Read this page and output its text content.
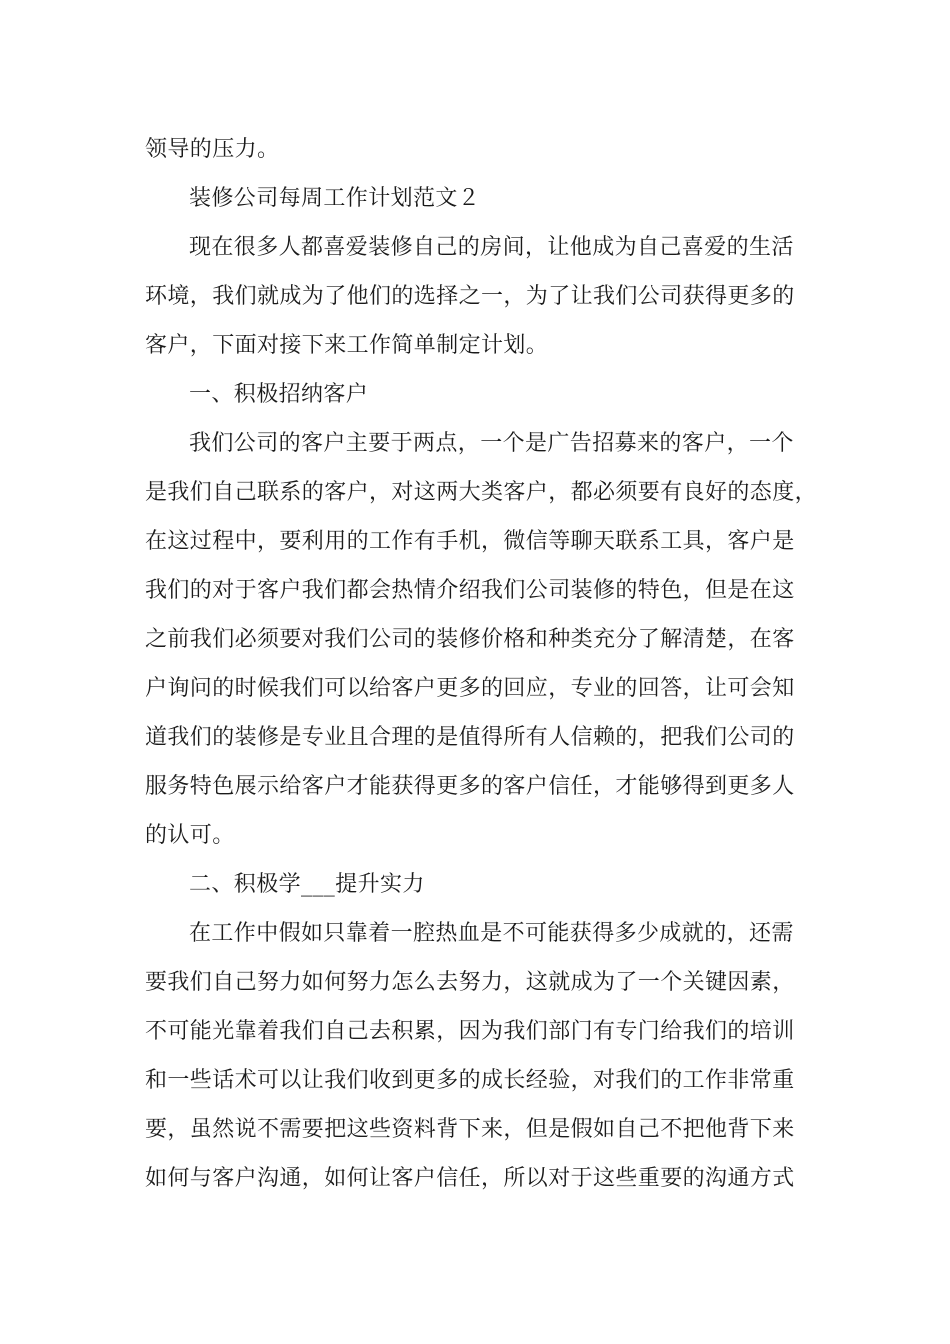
领导的压力。
装修公司每周工作计划范文２
现在很多人都喜爱装修自己的房间，让他成为自己喜爱的生活
环境，我们就成为了他们的选择之一，为了让我们公司获得更多的
客户，下面对接下来工作简单制定计划。
一、积极招纳客户
我们公司的客户主要于两点，一个是广告招募来的客户，一个
是我们自己联系的客户，对这两大类客户，都必须要有良好的态度，
在这过程中，要利用的工作有手机，微信等聊天联系工具，客户是
我们的对于客户我们都会热情介绍我们公司装修的特色，但是在这
之前我们必须要对我们公司的装修价格和种类充分了解清楚，在客
户询问的时候我们可以给客户更多的回应，专业的回答，让可会知
道我们的装修是专业且合理的是值得所有人信赖的，把我们公司的
服务特色展示给客户才能获得更多的客户信任，才能够得到更多人
的认可。
二、积极学___提升实力
在工作中假如只靠着一腔热血是不可能获得多少成就的，还需
要我们自己努力如何努力怎么去努力，这就成为了一个关键因素，
不可能光靠着我们自己去积累，因为我们部门有专门给我们的培训
和一些话术可以让我们收到更多的成长经验，对我们的工作非常重
要，虽然说不需要把这些资料背下来，但是假如自己不把他背下来
如何与客户沟通，如何让客户信任，所以对于这些重要的沟通方式
